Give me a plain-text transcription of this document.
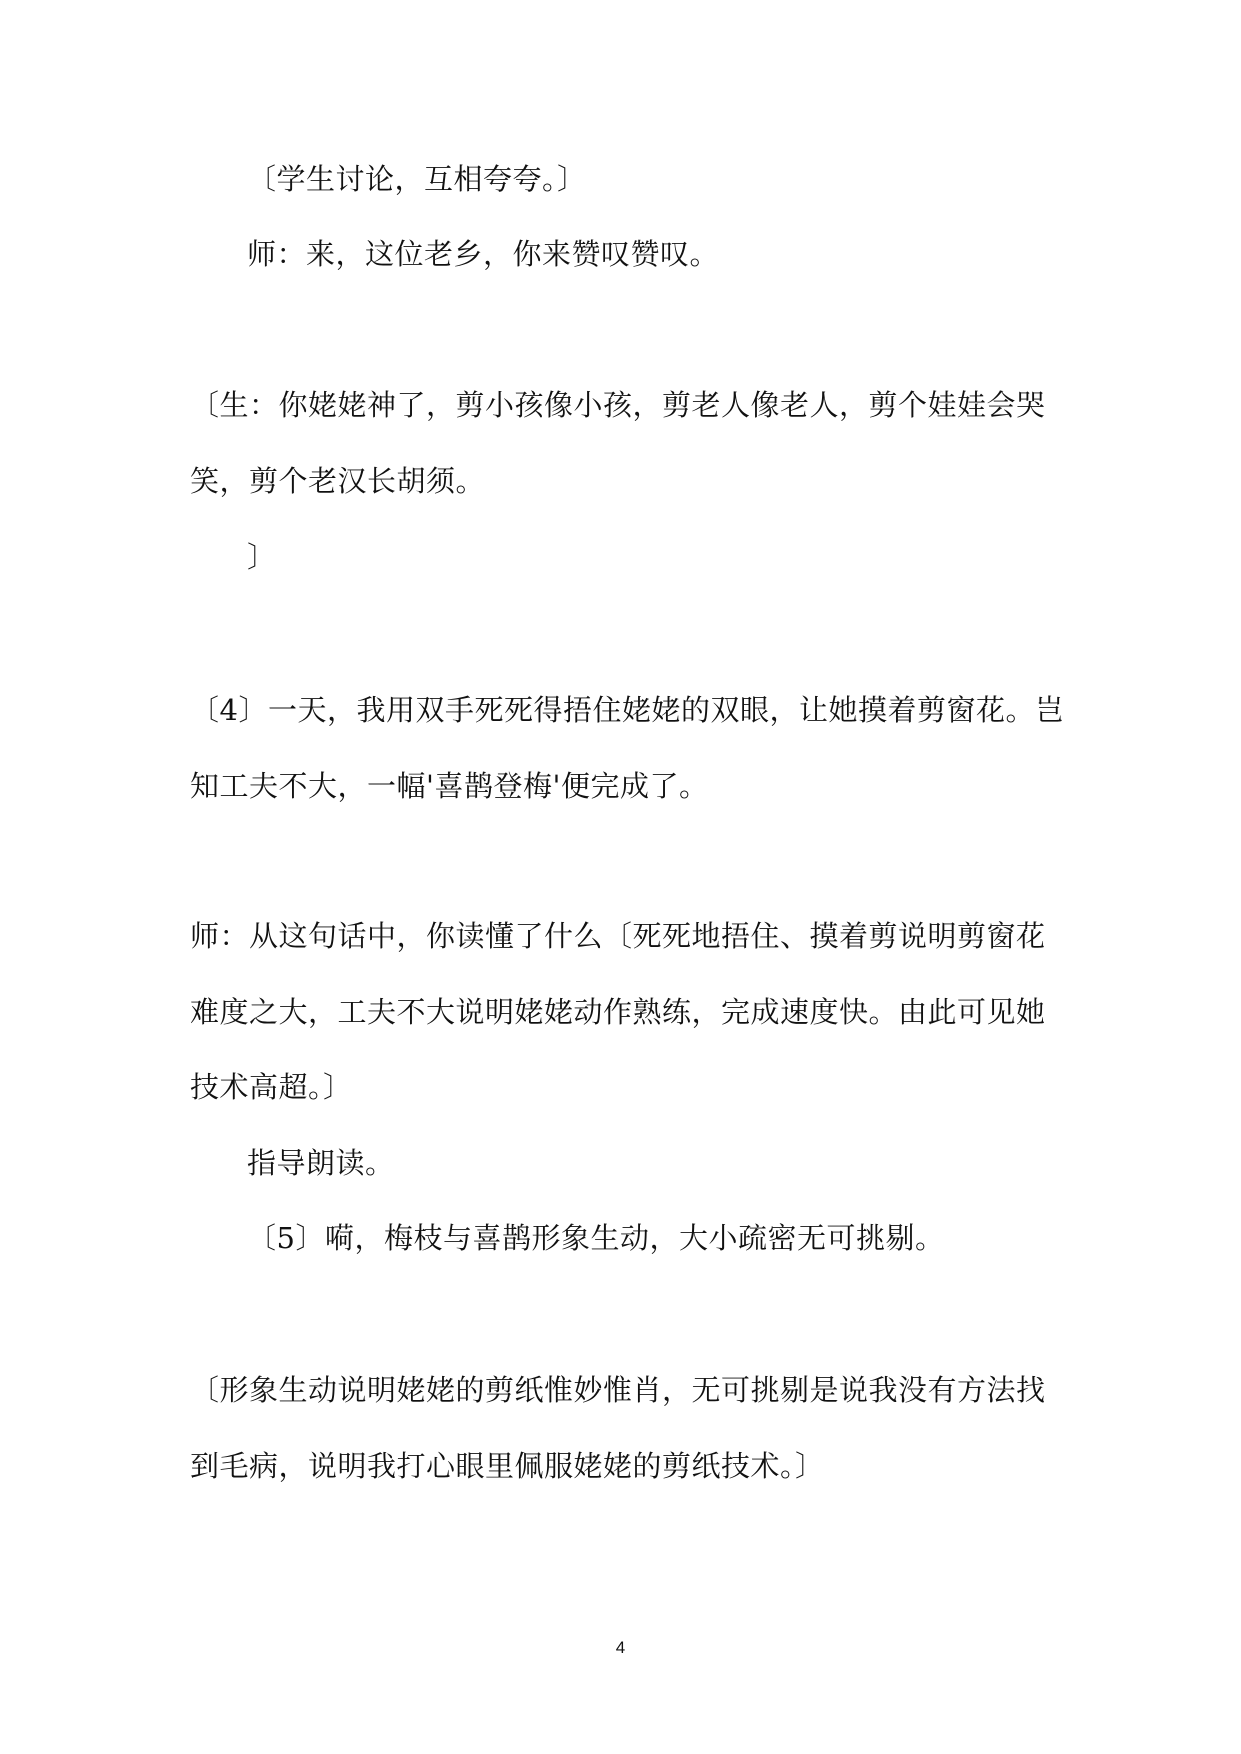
〔学生讨论，互相夸夸。〕
师：来，这位老乡，你来赞叹赞叹。
〔生：你姥姥神了，剪小孩像小孩，剪老人像老人，剪个娃娃会哭
笑，剪个老汉长胡须。
〕
〔4〕一天，我用双手死死得捂住姥姥的双眼，让她摸着剪窗花。岂
知工夫不大，一幅'喜鹊登梅'便完成了。
师：从这句话中，你读懂了什么〔死死地捂住、摸着剪说明剪窗花
难度之大，工夫不大说明姥姥动作熟练，完成速度快。由此可见她
技术高超。〕
指导朗读。
〔5〕嗬，梅枝与喜鹊形象生动，大小疏密无可挑剔。
〔形象生动说明姥姥的剪纸惟妙惟肖，无可挑剔是说我没有方法找
到毛病，说明我打心眼里佩服姥姥的剪纸技术。〕
4
